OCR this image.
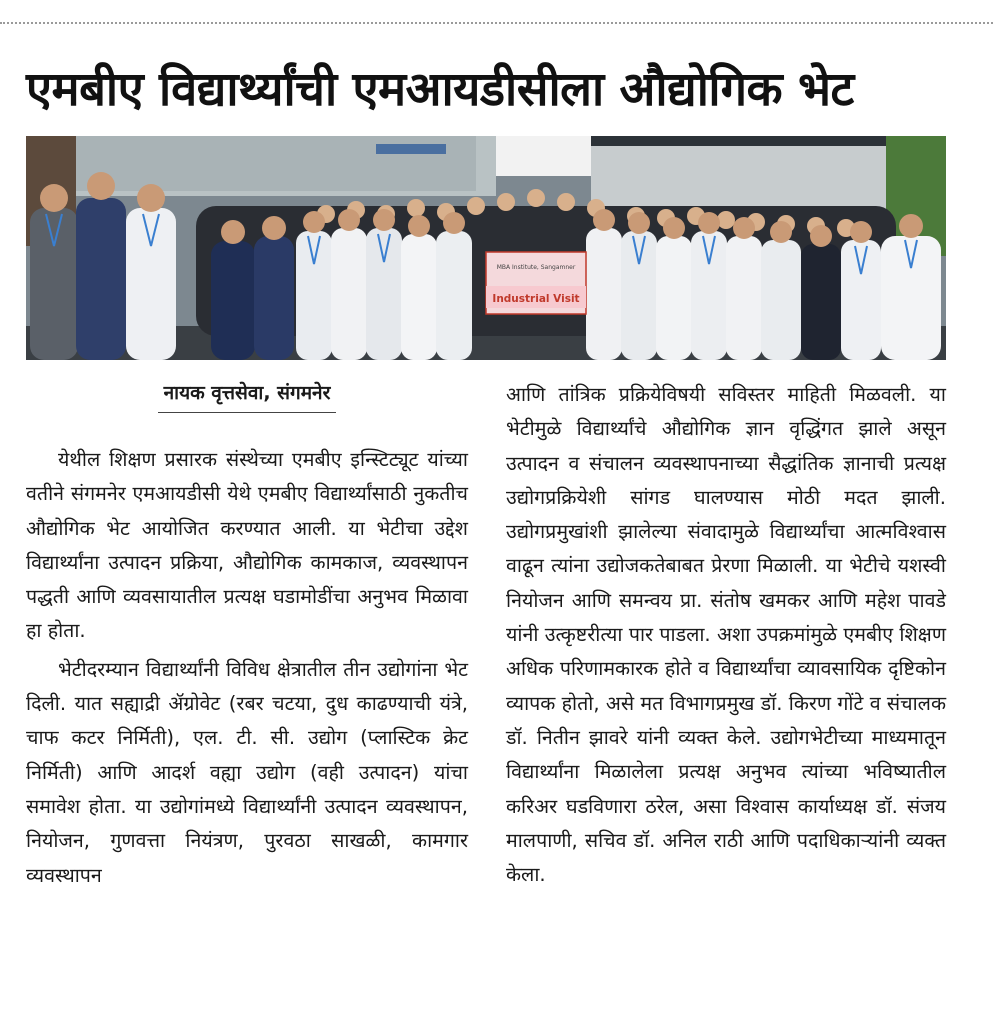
एमबीए विद्यार्थ्यांची एमआयडीसीला औद्योगिक भेट
MBA Institute, Sangamner
Industrial Visit
नायक वृत्तसेवा, संगमनेर

येथील शिक्षण प्रसारक संस्थेच्या एमबीए इन्स्टिट्यूट यांच्या वतीने संगमनेर एमआयडीसी येथे एमबीए विद्यार्थ्यांसाठी नुकतीच औद्योगिक भेट आयोजित करण्यात आली. या भेटीचा उद्देश विद्यार्थ्यांना उत्पादन प्रक्रिया, औद्योगिक कामकाज, व्यवस्थापन पद्धती आणि व्यवसायातील प्रत्यक्ष घडामोडींचा अनुभव मिळावा हा होता.

भेटीदरम्यान विद्यार्थ्यांनी विविध क्षेत्रातील तीन उद्योगांना भेट दिली. यात सह्याद्री ॲग्रोवेट (रबर चटया, दुध काढण्याची यंत्रे, चाफ कटर निर्मिती), एल. टी. सी. उद्योग (प्लास्टिक क्रेट निर्मिती) आणि आदर्श वह्या उद्योग (वही उत्पादन) यांचा समावेश होता. या उद्योगांमध्ये विद्यार्थ्यांनी उत्पादन व्यवस्थापन, नियोजन, गुणवत्ता नियंत्रण, पुरवठा साखळी, कामगार व्यवस्थापन

आणि तांत्रिक प्रक्रियेविषयी सविस्तर माहिती मिळवली. या भेटीमुळे विद्यार्थ्यांचे औद्योगिक ज्ञान वृद्धिंगत झाले असून उत्पादन व संचालन व्यवस्थापनाच्या सैद्धांतिक ज्ञानाची प्रत्यक्ष उद्योगप्रक्रियेशी सांगड घालण्यास मोठी मदत झाली. उद्योगप्रमुखांशी झालेल्या संवादामुळे विद्यार्थ्यांचा आत्मविश्वास वाढून त्यांना उद्योजकतेबाबत प्रेरणा मिळाली. या भेटीचे यशस्वी नियोजन आणि समन्वय प्रा. संतोष खमकर आणि महेश पावडे यांनी उत्कृष्टरीत्या पार पाडला. अशा उपक्रमांमुळे एमबीए शिक्षण अधिक परिणामकारक होते व विद्यार्थ्यांचा व्यावसायिक दृष्टिकोन व्यापक होतो, असे मत विभागप्रमुख डॉ. किरण गोंटे व संचालक डॉ. नितीन झावरे यांनी व्यक्त केले. उद्योगभेटीच्या माध्यमातून विद्यार्थ्यांना मिळालेला प्रत्यक्ष अनुभव त्यांच्या भविष्यातील करिअर घडविणारा ठरेल, असा विश्वास कार्याध्यक्ष डॉ. संजय मालपाणी, सचिव डॉ. अनिल राठी आणि पदाधिकाऱ्यांनी व्यक्त केला.
